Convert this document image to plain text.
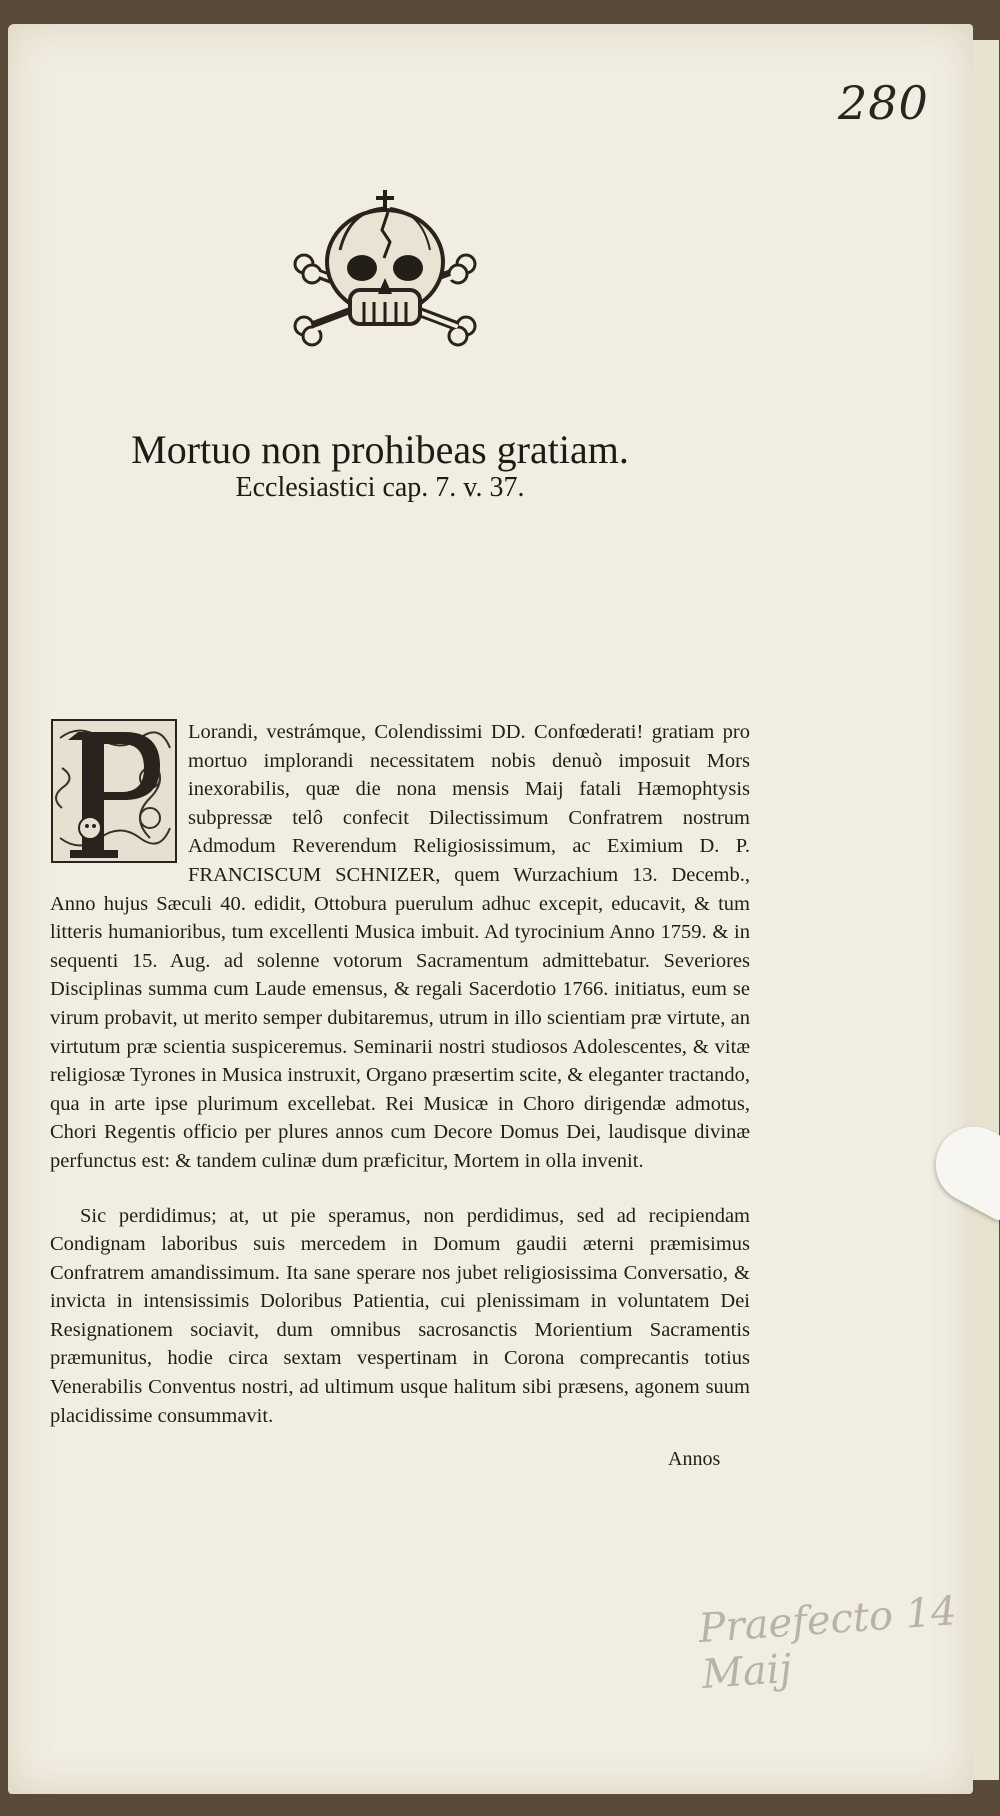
280
Mortuo non prohibeas gratiam.
Ecclesiastici cap. 7. v. 37.

Lorandi, vestrámque, Colendissimi DD. Confœderati! gratiam pro mortuo implorandi necessitatem nobis denuò imposuit Mors inexorabilis, quæ die nona mensis Maij fatali Hæmophtysis subpressæ telô confecit Dilectissimum Confratrem nostrum Admodum Reverendum Religiosissimum, ac Eximium D. P. FRANCISCUM SCHNIZER, quem Wurzachium 13. Decemb., Anno hujus Sæculi 40. edidit, Ottobura puerulum adhuc excepit, educavit, & tum litteris humanioribus, tum excellenti Musica imbuit. Ad tyrocinium Anno 1759. & in sequenti 15. Aug. ad solenne votorum Sacramentum admittebatur. Severiores Disciplinas summa cum Laude emensus, & regali Sacerdotio 1766. initiatus, eum se virum probavit, ut merito semper dubitaremus, utrum in illo scientiam præ virtute, an virtutum præ scientia suspiceremus. Seminarii nostri studiosos Adolescentes, & vitæ religiosæ Tyrones in Musica instruxit, Organo præsertim scite, & eleganter tractando, qua in arte ipse plurimum excellebat. Rei Musicæ in Choro dirigendæ admotus, Chori Regentis officio per plures annos cum Decore Domus Dei, laudisque divinæ perfunctus est: & tandem culinæ dum præficitur, Mortem in olla invenit.

Sic perdidimus; at, ut pie speramus, non perdidimus, sed ad recipiendam Condignam laboribus suis mercedem in Domum gaudii æterni præmisimus Confratrem amandissimum. Ita sane sperare nos jubet religiosissima Conversatio, & invicta in intensissimis Doloribus Patientia, cui plenissimam in voluntatem Dei Resignationem sociavit, dum omnibus sacrosanctis Morientium Sacramentis præmunitus, hodie circa sextam vespertinam in Corona comprecantis totius Venerabilis Conventus nostri, ad ultimum usque halitum sibi præsens, agonem suum placidissime consummavit.

Annos
Praefecto 14 Maij
